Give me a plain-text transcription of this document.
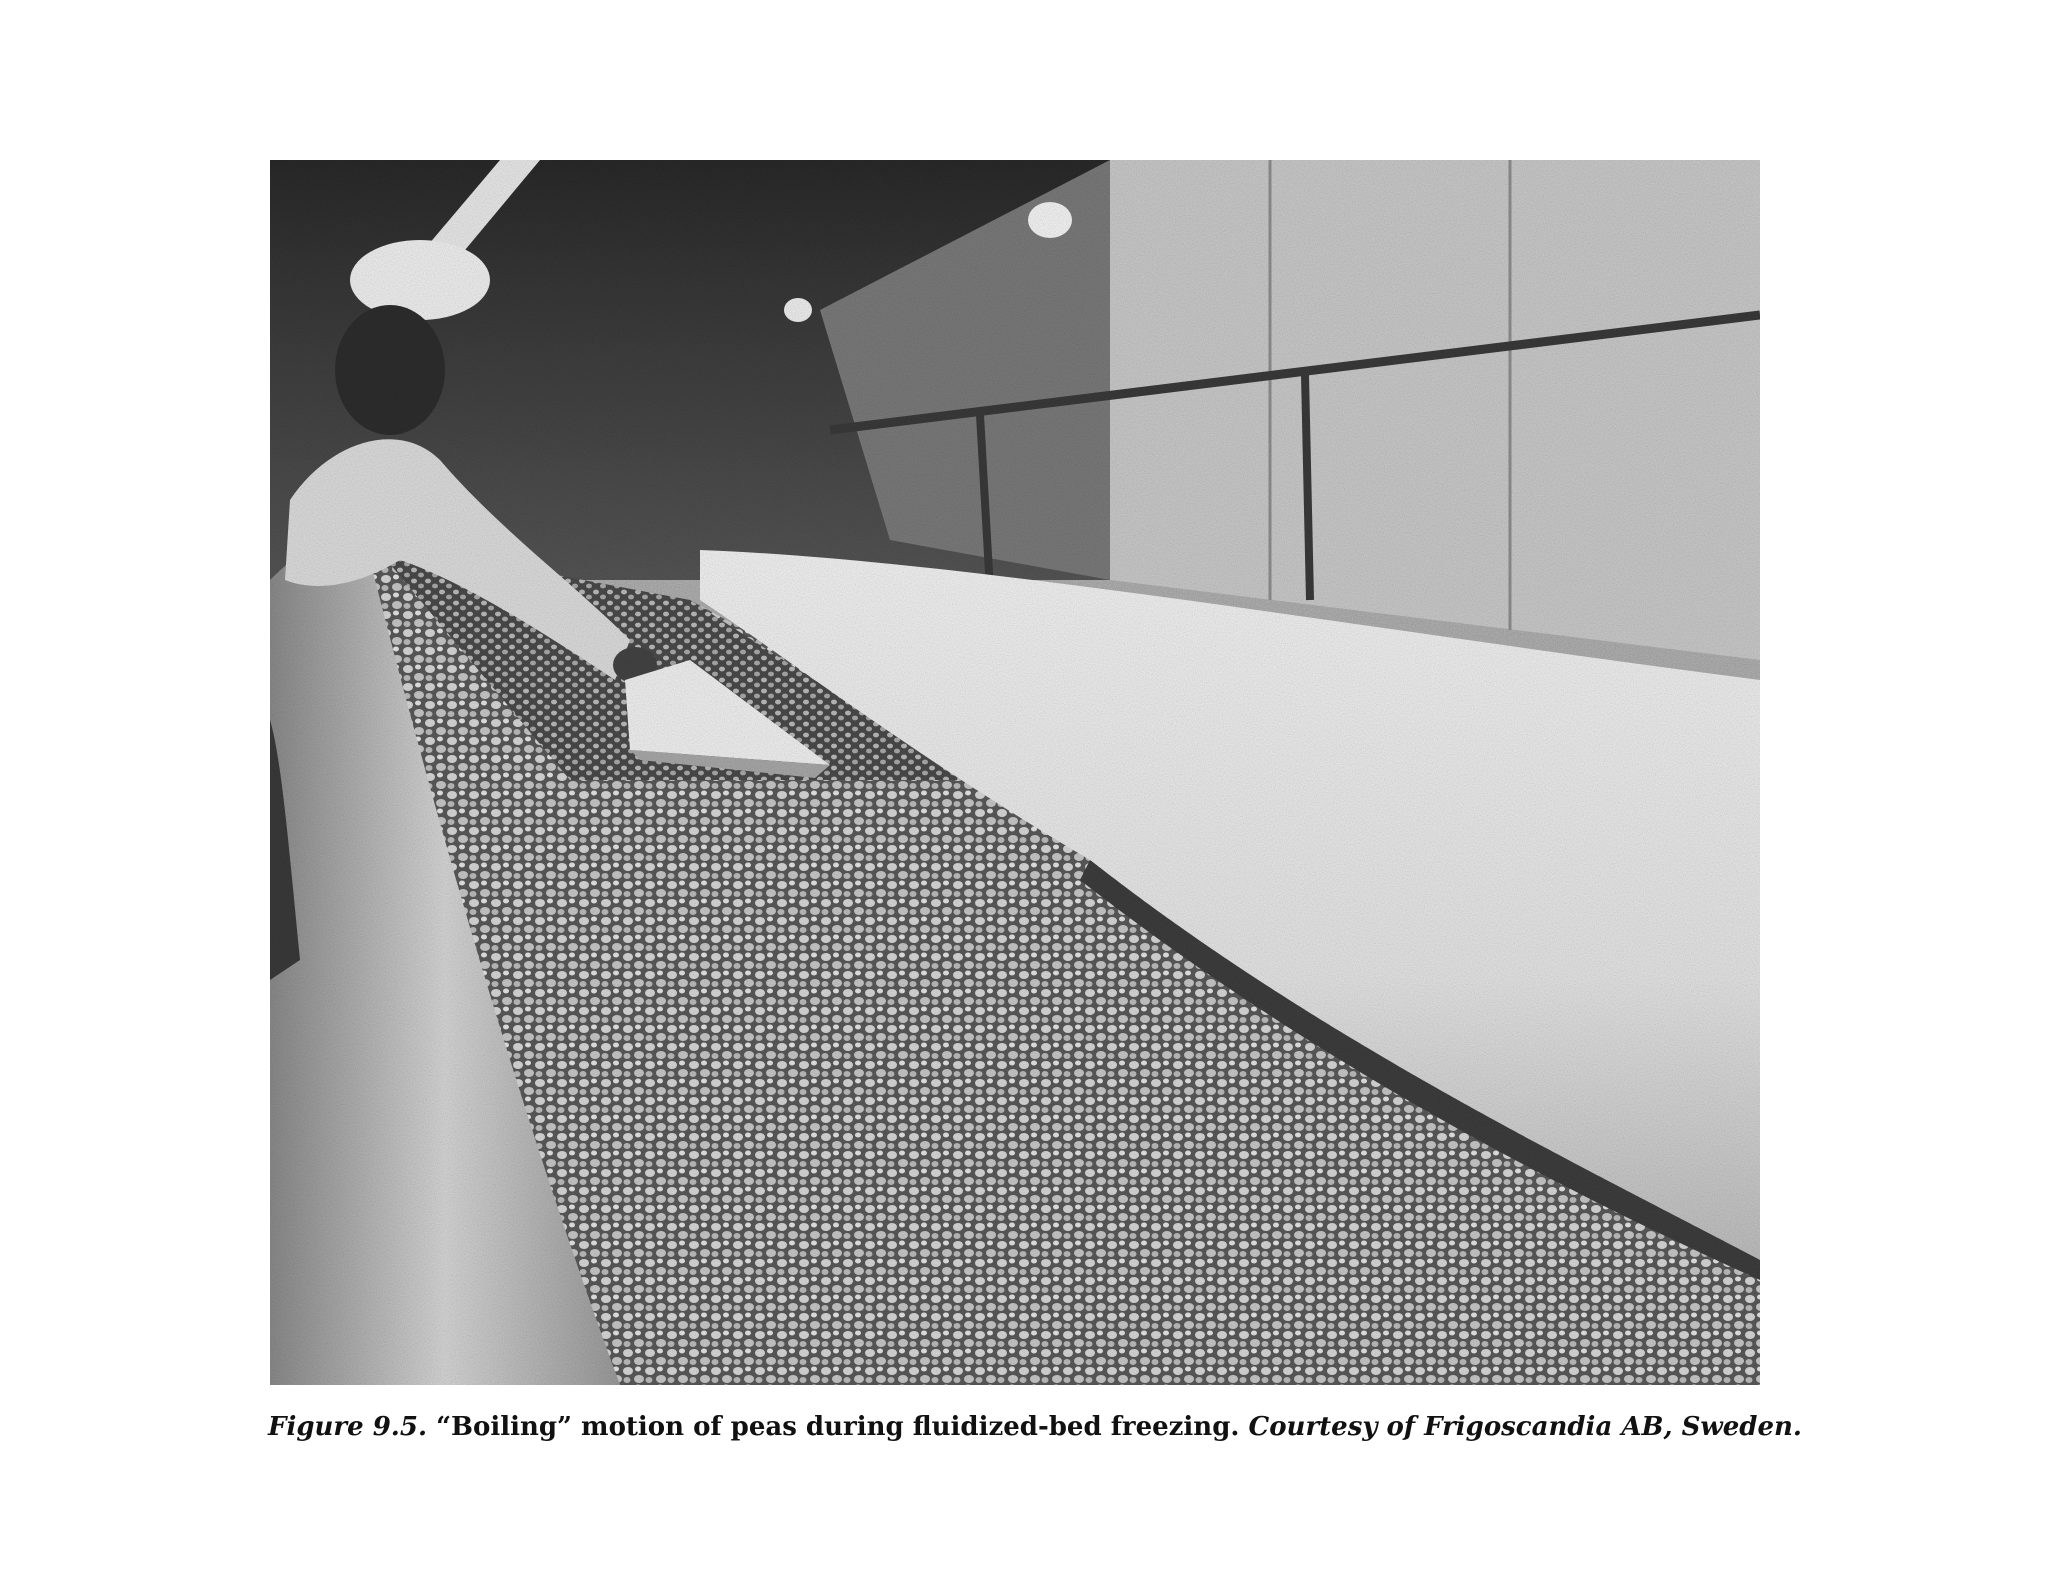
Figure 9.5. “Boiling” motion of peas during fluidized-bed freezing. Courtesy of Frigoscandia AB, Sweden.
